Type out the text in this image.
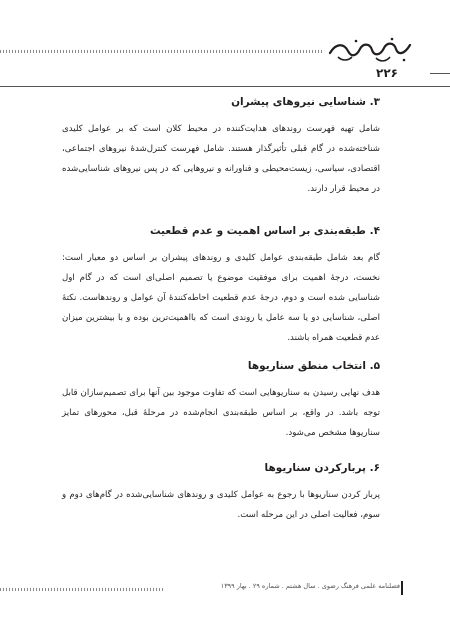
۲۲۶
۳. شناسایی نیروهای پیشران

شامل تهیه فهرست روندهای هدایت‌کننده در محیط کلان است که بر عوامل کلیدی شناخته‌شده در گام قبلی تأثیرگذار هستند. شامل فهرست کنترل‌شدهٔ نیروهای اجتماعی، اقتصادی، سیاسی، زیست‌محیطی و فناورانه و نیروهایی که در پس نیروهای شناسایی‌شده در محیط قرار دارند.

۴. طبقه‌بندی بر اساس اهمیت و عدم قطعیت

گام بعد شامل طبقه‌بندی عوامل کلیدی و روندهای پیشران بر اساس دو معیار است: نخست، درجهٔ اهمیت برای موفقیت موضوع یا تصمیم اصلی‌ای است که در گام اول شناسایی شده است و دوم، درجهٔ عدم قطعیت احاطه‌کنندهٔ آن عوامل و روندهاست. نکتهٔ اصلی، شناسایی دو یا سه عامل یا روندی است که بااهمیت‌ترین بوده و با بیشترین میزان عدم قطعیت همراه باشند.

۵. انتخاب منطق سناریوها

هدف نهایی رسیدن به سناریوهایی است که تفاوت موجود بین آنها برای تصمیم‌سازان قابل توجه باشد. در واقع، بر اساس طبقه‌بندی انجام‌شده در مرحلهٔ قبل، محورهای تمایز سناریوها مشخص می‌شود.

۶. پربارکردن سناریوها

پربار کردن سناریوها با رجوع به عوامل کلیدی و روندهای شناسایی‌شده در گام‌های دوم و سوم، فعالیت اصلی در این مرحله است.

فصلنامه علمی فرهنگ رضوی . سال هشتم . شماره ۲۹ . بهار ۱۳۹۹
